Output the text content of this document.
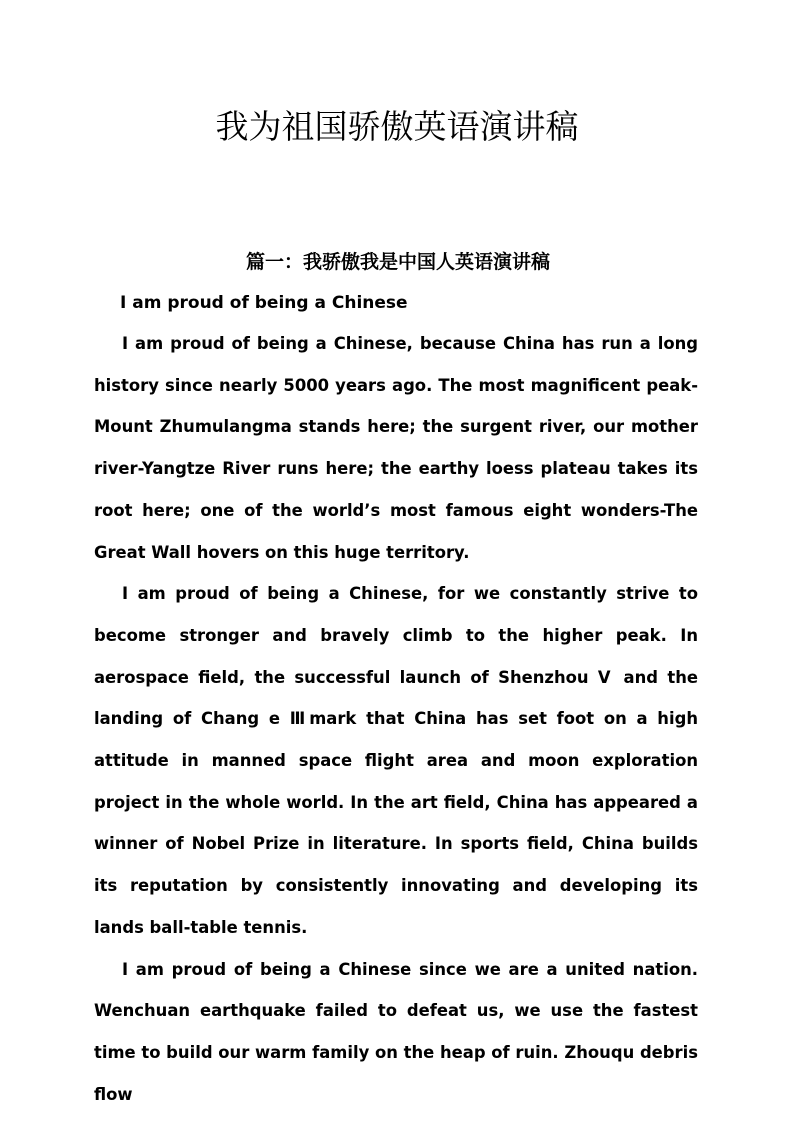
我为祖国骄傲英语演讲稿
篇一：我骄傲我是中国人英语演讲稿

I am proud of being a Chinese

I am proud of being a Chinese, because China has run a long history since nearly 5000 years ago. The most magnificent peak-Mount Zhumulangma stands here; the surgent river, our mother river-Yangtze River runs here; the earthy loess plateau takes its root here; one of the world’s most famous eight wonders-The Great Wall hovers on this huge territory.

I am proud of being a Chinese, for we constantly strive to become stronger and bravely climb to the higher peak. In aerospace field, the successful launch of Shenzhou Ⅴ and the landing of Chang e Ⅲmark that China has set foot on a high attitude in manned space flight area and moon exploration project in the whole world. In the art field, China has appeared a winner of Nobel Prize in literature. In sports field, China builds its reputation by consistently innovating and developing its lands ball-table tennis.

I am proud of being a Chinese since we are a united nation. Wenchuan earthquake failed to defeat us, we use the fastest time to build our warm family on the heap of ruin. Zhouqu debris flow
